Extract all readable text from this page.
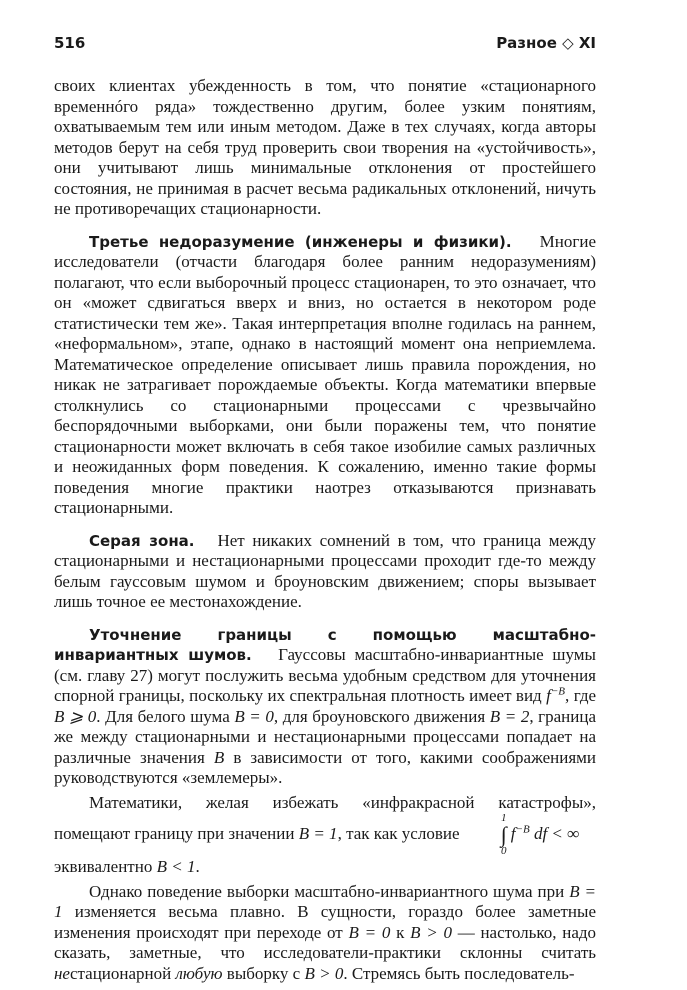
516	Разное ◇ XI

своих клиентах убежденность в том, что понятие «стационарного временнóго ряда» тождественно другим, более узким понятиям, охватываемым тем или иным методом. Даже в тех случаях, когда авторы методов берут на себя труд проверить свои творения на «устойчивость», они учитывают лишь минимальные отклонения от простейшего состояния, не принимая в расчет весьма радикальных отклонений, ничуть не противоречащих стационарности.

Третье недоразумение (инженеры и физики). Многие исследователи (отчасти благодаря более ранним недоразумениям) полагают, что если выборочный процесс стационарен, то это означает, что он «может сдвигаться вверх и вниз, но остается в некотором роде статистически тем же». Такая интерпретация вполне годилась на раннем, «неформальном», этапе, однако в настоящий момент она неприемлема. Математическое определение описывает лишь правила порождения, но никак не затрагивает порождаемые объекты. Когда математики впервые столкнулись со стационарными процессами с чрезвычайно беспорядочными выборками, они были поражены тем, что понятие стационарности может включать в себя такое изобилие самых различных и неожиданных форм поведения. К сожалению, именно такие формы поведения многие практики наотрез отказываются признавать стационарными.

Серая зона. Нет никаких сомнений в том, что граница между стационарными и нестационарными процессами проходит где-то между белым гауссовым шумом и броуновским движением; споры вызывает лишь точное ее местонахождение.

Уточнение границы с помощью масштабно-инвариантных шумов. Гауссовы масштабно-инвариантные шумы (см. главу 27) могут послужить весьма удобным средством для уточнения спорной границы, поскольку их спектральная плотность имеет вид $f^{-B}$, где B ⩾ 0. Для белого шума B = 0, для броуновского движения B = 2, граница же между стационарными и нестационарными процессами попадает на различные значения B в зависимости от того, какими соображениями руководствуются «землемеры».

Математики, желая избежать «инфракрасной катастрофы», помещают границу при значении B = 1, так как условие
1
∫
0
$f^{-B}$ df < ∞
эквивалентно B < 1.

Однако поведение выборки масштабно-инвариантного шума при B = 1 изменяется весьма плавно. В сущности, гораздо более заметные изменения происходят при переходе от B = 0 к B > 0 — настолько, надо сказать, заметные, что исследователи-практики склонны считать нестационарной любую выборку с B > 0. Стремясь быть последователь-
